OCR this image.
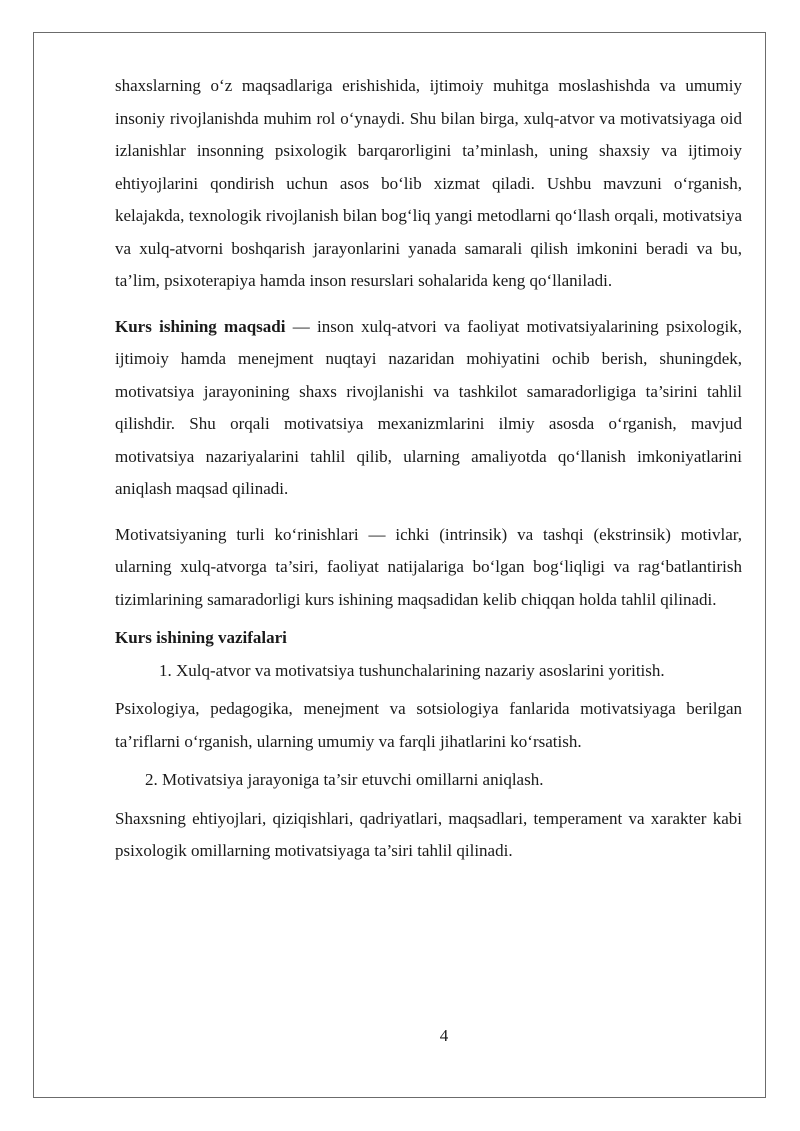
shaxslarning o‘z maqsadlariga erishishida, ijtimoiy muhitga moslashishda va umumiy insoniy rivojlanishda muhim rol o‘ynaydi. Shu bilan birga, xulq-atvor va motivatsiyaga oid izlanishlar insonning psixologik barqarorligini ta’minlash, uning shaxsiy va ijtimoiy ehtiyojlarini qondirish uchun asos bo‘lib xizmat qiladi. Ushbu mavzuni o‘rganish, kelajakda, texnologik rivojlanish bilan bog‘liq yangi metodlarni qo‘llash orqali, motivatsiya va xulq-atvorni boshqarish jarayonlarini yanada samarali qilish imkonini beradi va bu, ta’lim, psixoterapiya hamda inson resurslari sohalarida keng qo‘llaniladi.

Kurs ishining maqsadi — inson xulq-atvori va faoliyat motivatsiyalarining psixologik, ijtimoiy hamda menejment nuqtayi nazaridan mohiyatini ochib berish, shuningdek, motivatsiya jarayonining shaxs rivojlanishi va tashkilot samaradorligiga ta’sirini tahlil qilishdir. Shu orqali motivatsiya mexanizmlarini ilmiy asosda o‘rganish, mavjud motivatsiya nazariyalarini tahlil qilib, ularning amaliyotda qo‘llanish imkoniyatlarini aniqlash maqsad qilinadi.

Motivatsiyaning turli ko‘rinishlari — ichki (intrinsik) va tashqi (ekstrinsik) motivlar, ularning xulq-atvorga ta’siri, faoliyat natijalariga bo‘lgan bog‘liqligi va rag‘batlantirish tizimlarining samaradorligi kurs ishining maqsadidan kelib chiqqan holda tahlil qilinadi.

Kurs ishining vazifalari

1. Xulq-atvor va motivatsiya tushunchalarining nazariy asoslarini yoritish.

Psixologiya, pedagogika, menejment va sotsiologiya fanlarida motivatsiyaga berilgan ta’riflarni o‘rganish, ularning umumiy va farqli jihatlarini ko‘rsatish.

2. Motivatsiya jarayoniga ta’sir etuvchi omillarni aniqlash.

Shaxsning ehtiyojlari, qiziqishlari, qadriyatlari, maqsadlari, temperament va xarakter kabi psixologik omillarning motivatsiyaga ta’siri tahlil qilinadi.

4
